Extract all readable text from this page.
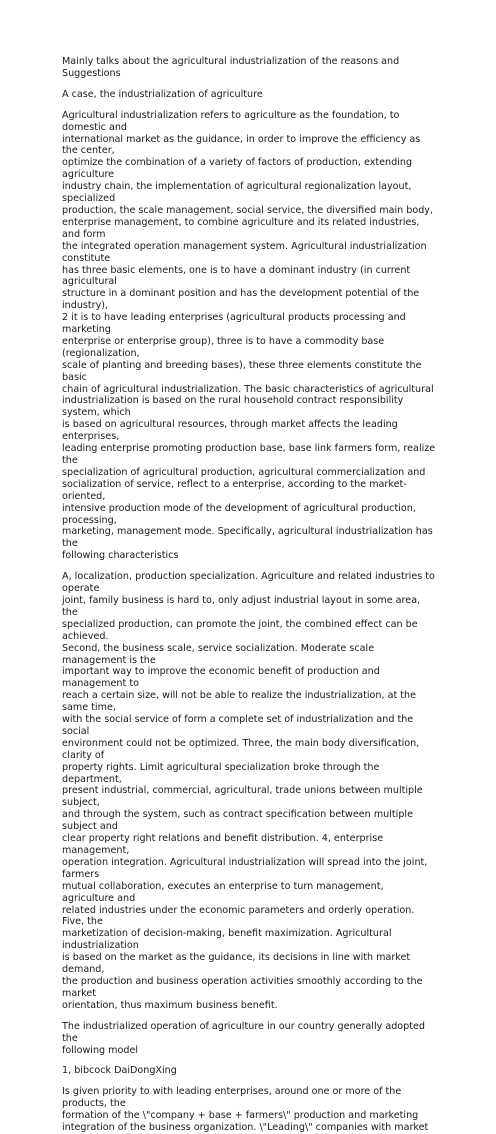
Mainly talks about the agricultural industrialization of the reasons and Suggestions

A case, the industrialization of agriculture

Agricultural industrialization refers to agriculture as the foundation, to domestic and
international market as the guidance, in order to improve the efficiency as the center,
optimize the combination of a variety of factors of production, extending agriculture
industry chain, the implementation of agricultural regionalization layout, specialized
production, the scale management, social service, the diversified main body,
enterprise management, to combine agriculture and its related industries, and form
the integrated operation management system. Agricultural industrialization constitute
has three basic elements, one is to have a dominant industry (in current agricultural
structure in a dominant position and has the development potential of the industry),
2 it is to have leading enterprises (agricultural products processing and marketing
enterprise or enterprise group), three is to have a commodity base (regionalization,
scale of planting and breeding bases), these three elements constitute the basic
chain of agricultural industrialization. The basic characteristics of agricultural
industrialization is based on the rural household contract responsibility system, which
is based on agricultural resources, through market affects the leading enterprises,
leading enterprise promoting production base, base link farmers form, realize the
specialization of agricultural production, agricultural commercialization and
socialization of service, reflect to a enterprise, according to the market-oriented,
intensive production mode of the development of agricultural production, processing,
marketing, management mode. Specifically, agricultural industrialization has the
following characteristics

A, localization, production specialization. Agriculture and related industries to operate
joint, family business is hard to, only adjust industrial layout in some area, the
specialized production, can promote the joint, the combined effect can be achieved.
Second, the business scale, service socialization. Moderate scale management is the
important way to improve the economic benefit of production and management to
reach a certain size, will not be able to realize the industrialization, at the same time,
with the social service of form a complete set of industrialization and the social
environment could not be optimized. Three, the main body diversification, clarity of
property rights. Limit agricultural specialization broke through the department,
present industrial, commercial, agricultural, trade unions between multiple subject,
and through the system, such as contract specification between multiple subject and
clear property right relations and benefit distribution. 4, enterprise management,
operation integration. Agricultural industrialization will spread into the joint, farmers
mutual collaboration, executes an enterprise to turn management, agriculture and
related industries under the economic parameters and orderly operation. Five, the
marketization of decision-making, benefit maximization. Agricultural industrialization
is based on the market as the guidance, its decisions in line with market demand,
the production and business operation activities smoothly according to the market
orientation, thus maximum business benefit.

The industrialized operation of agriculture in our country generally adopted the
following model

1, bibcock DaiDongXing

Is given priority to with leading enterprises, around one or more of the products, the
formation of the \"company + base + farmers\" production and marketing
integration of the business organization. \"Leading\" companies with market
